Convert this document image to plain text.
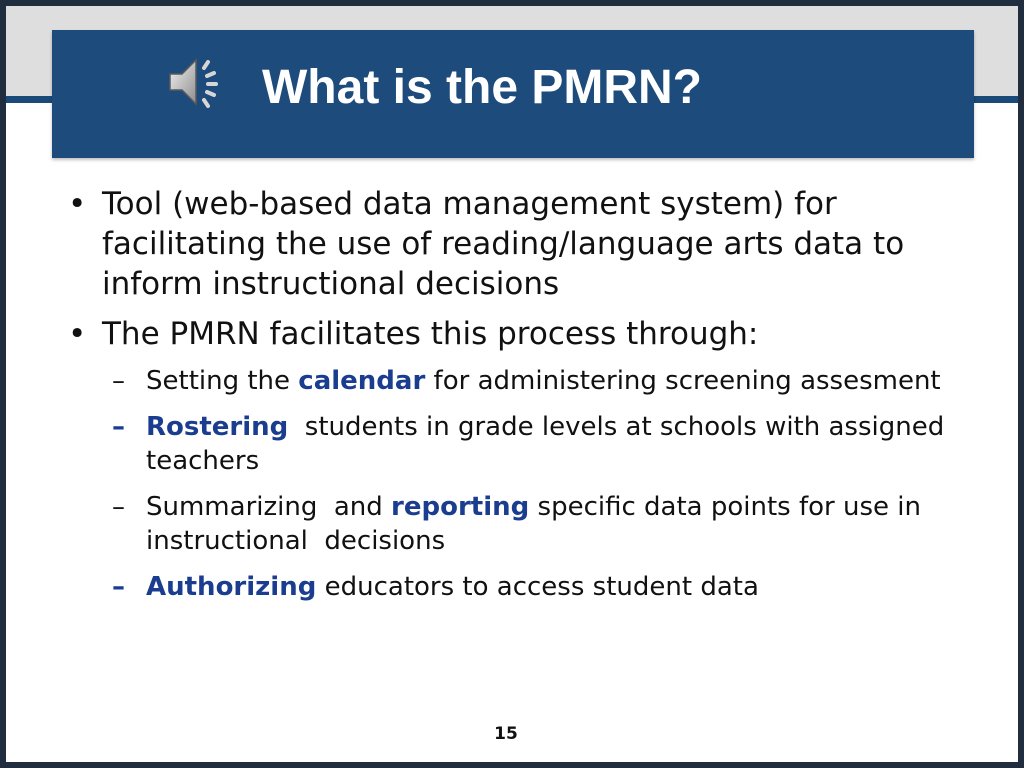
What is the PMRN?
• Tool (web-based data management system) for facilitating the use of reading/language arts data to inform instructional decisions
• The PMRN facilitates this process through:
– Setting the calendar for administering screening assesment
– Rostering  students in grade levels at schools with assigned teachers
– Summarizing  and reporting specific data points for use in instructional  decisions
– Authorizing educators to access student data
15
